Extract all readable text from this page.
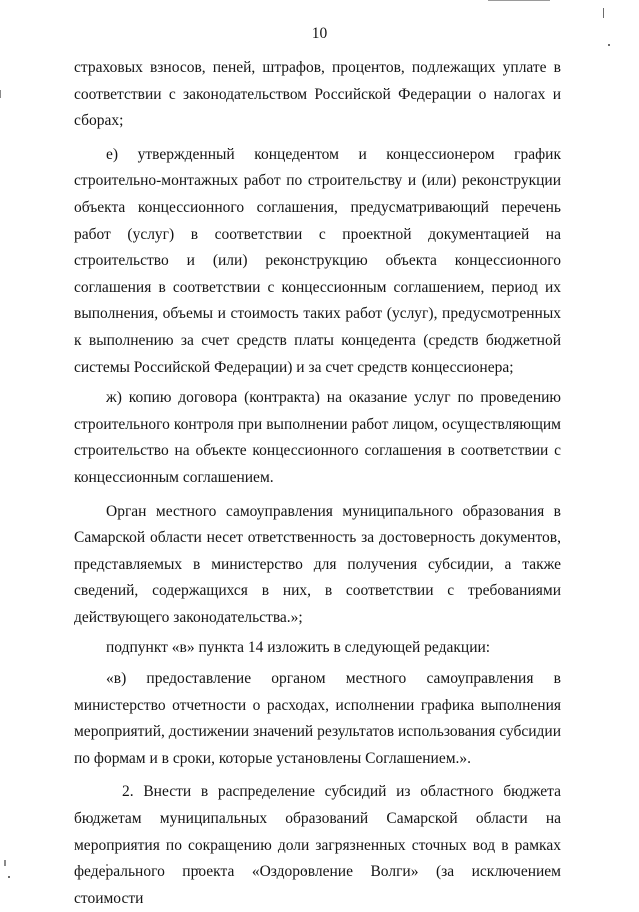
10

страховых взносов, пеней, штрафов, процентов, подлежащих уплате в соответствии с законодательством Российской Федерации о налогах и сборах;

е) утвержденный концедентом и концессионером график строительно-монтажных работ по строительству и (или) реконструкции объекта концессионного соглашения, предусматривающий перечень работ (услуг) в соответствии с проектной документацией на строительство и (или) реконструкцию объекта концессионного соглашения в соответствии с концессионным соглашением, период их выполнения, объемы и стоимость таких работ (услуг), предусмотренных к выполнению за счет средств платы концедента (средств бюджетной системы Российской Федерации) и за счет средств концессионера;

ж) копию договора (контракта) на оказание услуг по проведению строительного контроля при выполнении работ лицом, осуществляющим строительство на объекте концессионного соглашения в соответствии с концессионным соглашением.

Орган местного самоуправления муниципального образования в Самарской области несет ответственность за достоверность документов, представляемых в министерство для получения субсидии, а также сведений, содержащихся в них, в соответствии с требованиями действующего законодательства.»;

подпункт «в» пункта 14 изложить в следующей редакции:

«в) предоставление органом местного самоуправления в министерство отчетности о расходах, исполнении графика выполнения мероприятий, достижении значений результатов использования субсидии по формам и в сроки, которые установлены Соглашением.».

2. Внести в распределение субсидий из областного бюджета бюджетам муниципальных образований Самарской области на мероприятия по сокращению доли загрязненных сточных вод в рамках федерального проекта «Оздоровление Волги» (за исключением стоимости
